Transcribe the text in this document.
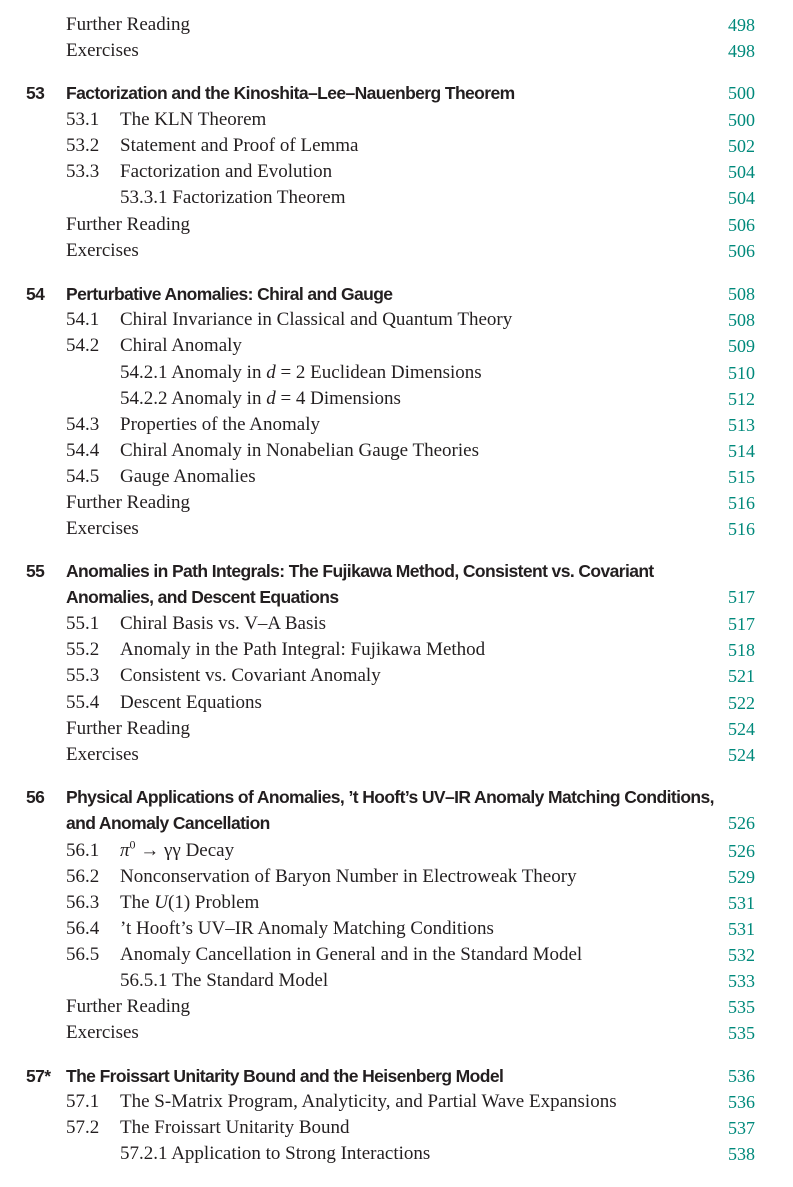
Further Reading	498
Exercises	498
53 Factorization and the Kinoshita–Lee–Nauenberg Theorem	500
53.1 The KLN Theorem	500
53.2 Statement and Proof of Lemma	502
53.3 Factorization and Evolution	504
53.3.1 Factorization Theorem	504
Further Reading	506
Exercises	506
54 Perturbative Anomalies: Chiral and Gauge	508
54.1 Chiral Invariance in Classical and Quantum Theory	508
54.2 Chiral Anomaly	509
54.2.1 Anomaly in d = 2 Euclidean Dimensions	510
54.2.2 Anomaly in d = 4 Dimensions	512
54.3 Properties of the Anomaly	513
54.4 Chiral Anomaly in Nonabelian Gauge Theories	514
54.5 Gauge Anomalies	515
Further Reading	516
Exercises	516
55 Anomalies in Path Integrals: The Fujikawa Method, Consistent vs. Covariant
Anomalies, and Descent Equations	517
55.1 Chiral Basis vs. V–A Basis	517
55.2 Anomaly in the Path Integral: Fujikawa Method	518
55.3 Consistent vs. Covariant Anomaly	521
55.4 Descent Equations	522
Further Reading	524
Exercises	524
56 Physical Applications of Anomalies, ’t Hooft’s UV–IR Anomaly Matching Conditions,
and Anomaly Cancellation	526
56.1 $\pi^0 \to \gamma\gamma$ Decay	526
56.2 Nonconservation of Baryon Number in Electroweak Theory	529
56.3 The U(1) Problem	531
56.4 ’t Hooft’s UV–IR Anomaly Matching Conditions	531
56.5 Anomaly Cancellation in General and in the Standard Model	532
56.5.1 The Standard Model	533
Further Reading	535
Exercises	535
57* The Froissart Unitarity Bound and the Heisenberg Model	536
57.1 The S-Matrix Program, Analyticity, and Partial Wave Expansions	536
57.2 The Froissart Unitarity Bound	537
57.2.1 Application to Strong Interactions	538
